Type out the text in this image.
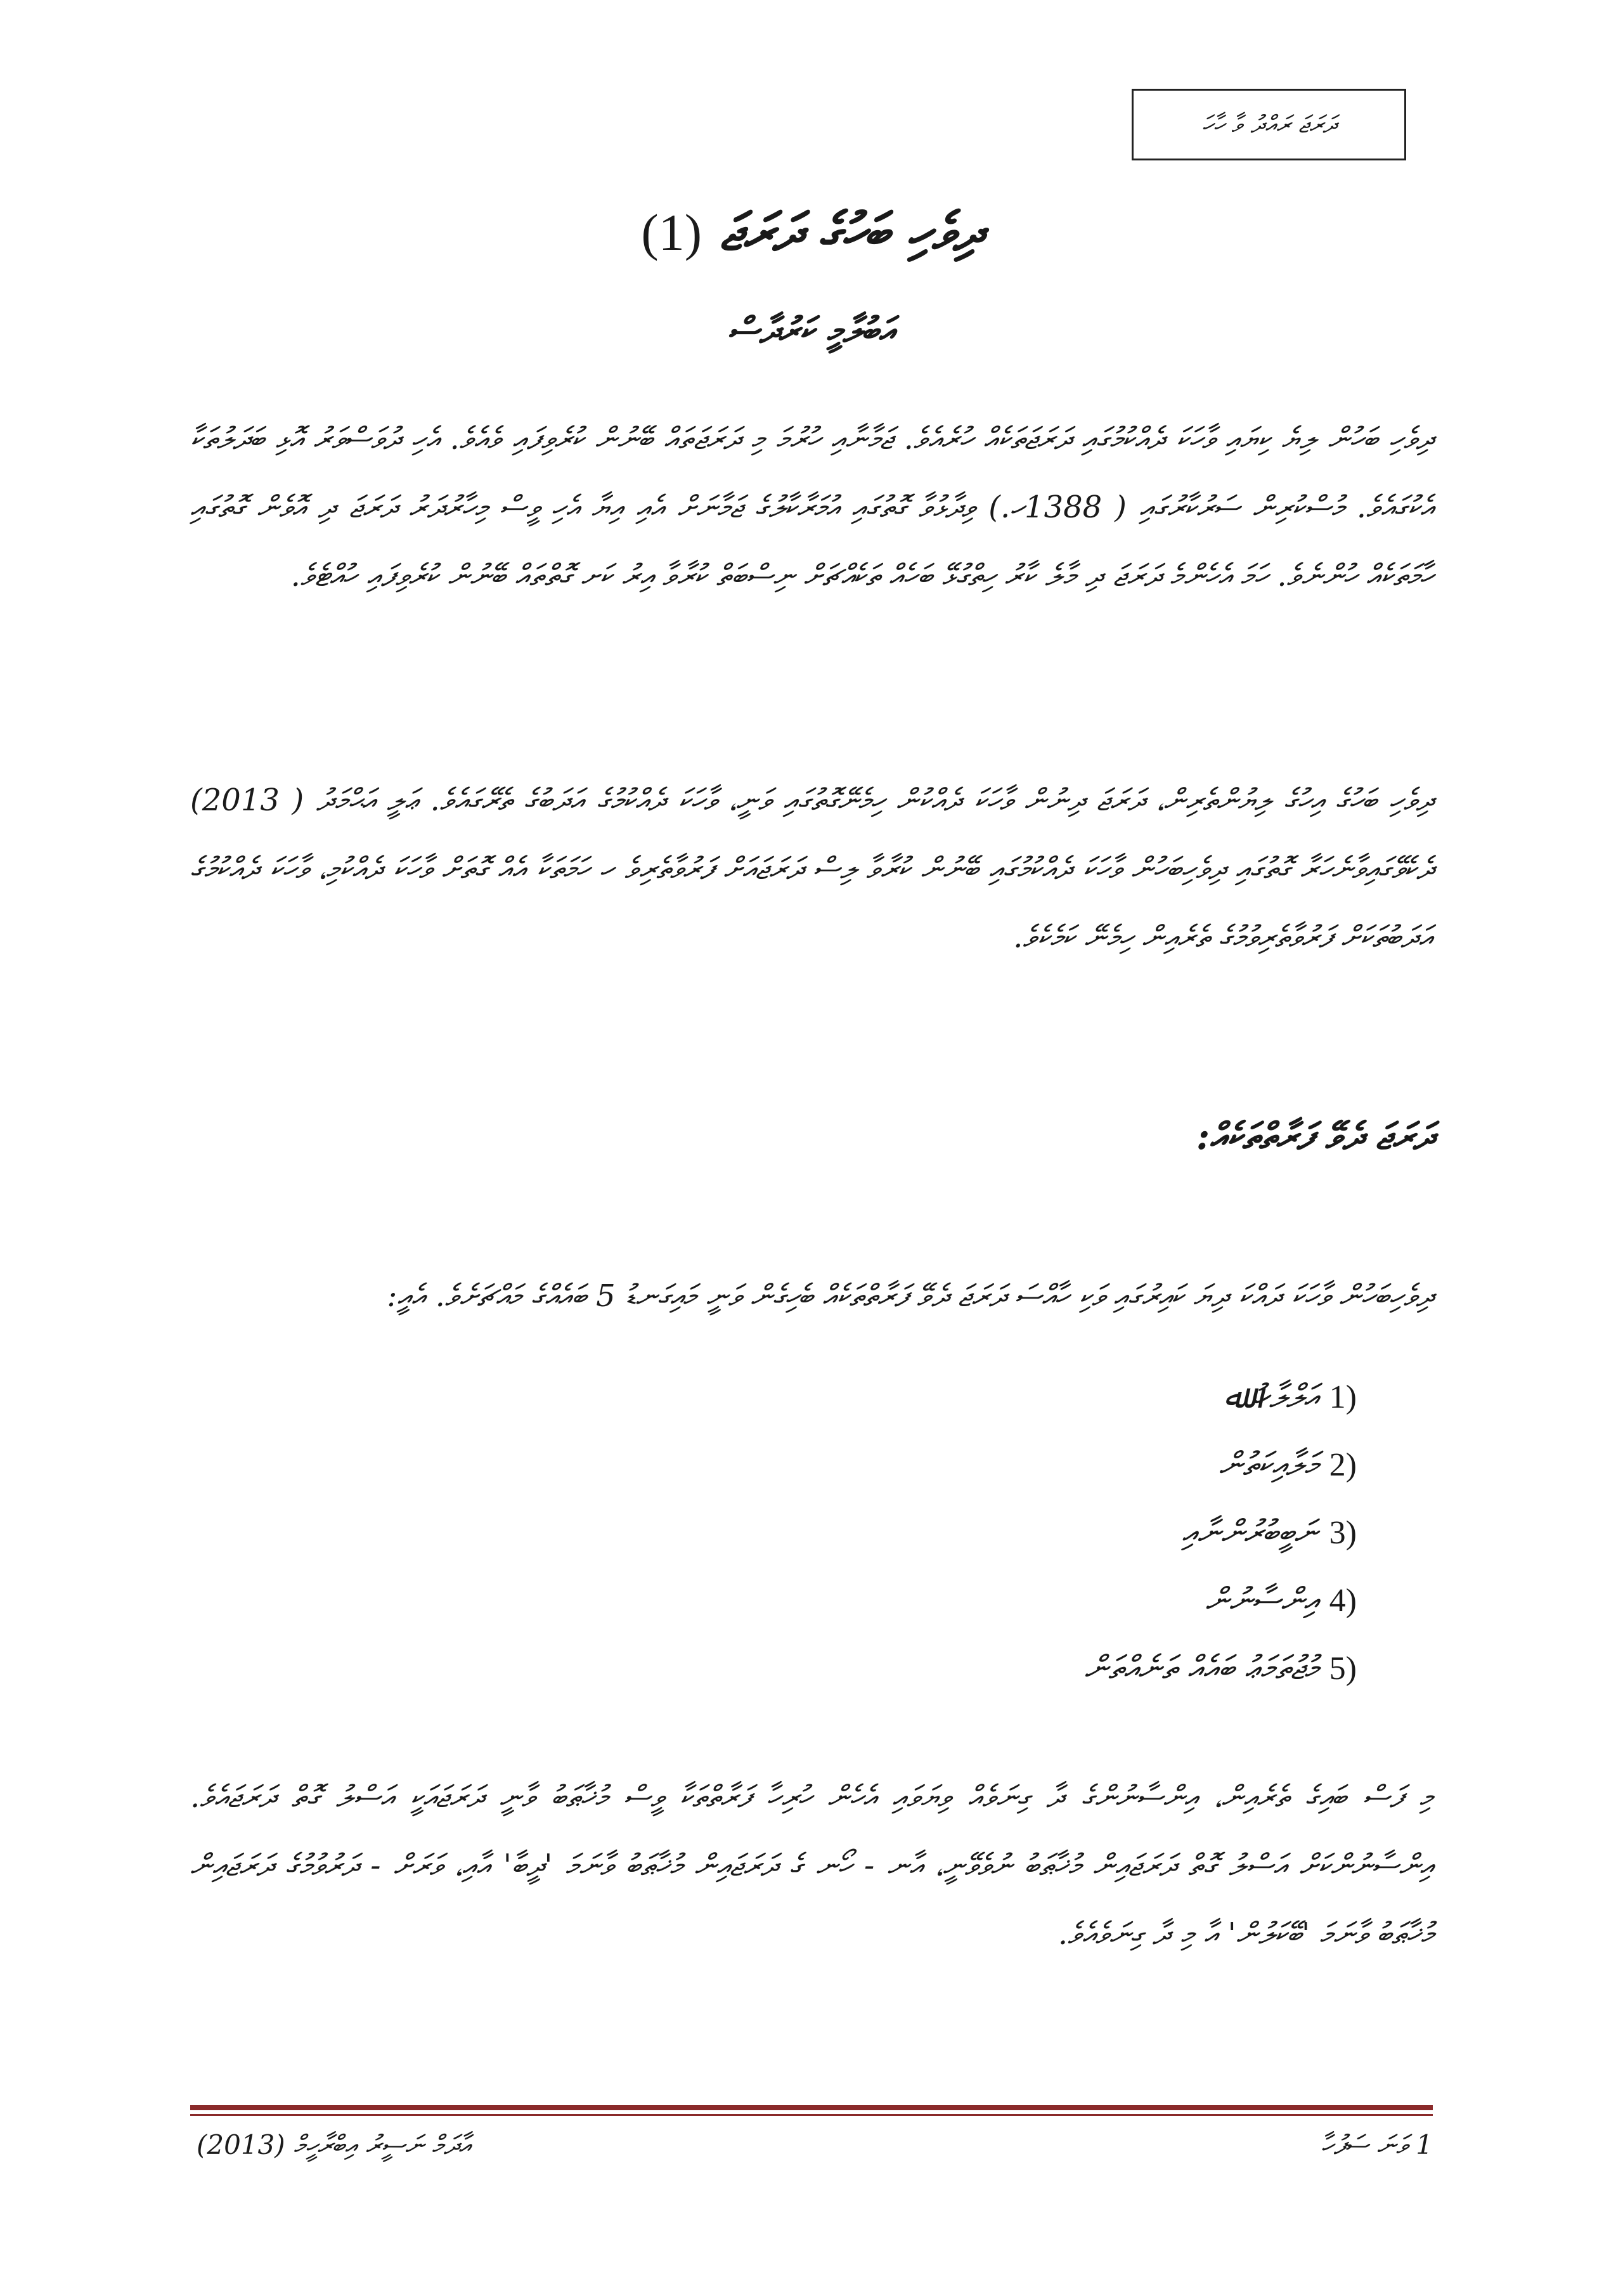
ދަރަޖަ ރައްދު ވާ ހާހަ
ދިވެހި ބަހުގެ ދަރަޖަ (1)
އަބުލާމީ ކަރުދާސް
ދިވެހި ބަހުން ލިޔެ ކިޔައި ވާހަކަ ދެއްކުމުގައި ދަރަޖަތަކެއް ހުރެއެވެ. ޖަމާނާއި ހުރުމަ މި ދަރަޖަތައް ބޭނުން ކުރެވިފައި ވެއެވެ. އެހި ދުވަސްވަރު އޮޅި ބަދަލުތަކާ އެކުގައެވެ. މުސްކުރިން ސަރުކާރުގައި ( 1388ހ.) ވިދާޅުވާ ގޮތުގައި އުމަރާކާލުގެ ޖަމާނަށް އެއި އިޔާ އެހި ވީސް މިހާރުދަރު ދަރަޖަ ދި އޮވެން ގޮތުގައި ހާމަތަކެއް ހުންނެވެ. ހަމަ އެހެންމެ ދަރަޖަ ދި މާލެ ކާރު ހިތްގުޅޭ ބަހެއް ތަކެއްޗަށް ނިސްބަތް ކުރާވާ އިރު ކަށ ގޮތްތައް ބޭނުން ކުރެވިފައި ހުއްޓެވެ.
ދިވެހި ބަހުގެ އިހުގެ ލިޔުންތެރިން، ދަރަޖަ ދިނުން ވާހަކަ ދެއްކުން ހިމެނޭގޮތުގައި ވަނީ، ވާހަކަ ދެއްކުމުގެ އަދަބުގެ ތެރޭގައެވެ. ޢަލީ އަޙްމަދު ( 2013) ދެކެވޭގައިވާނެހަރާ ގޮތުގައި ދިވެހިބަހުން ވާހަކަ ދެއްކުމުގައި ބޭނުން ކުރާވާ ލިސް ދަރަޖައަށް ފަރުވާތެރިވެ ހ ހަމަތަކާ އެއް ގޮތަށް ވާހަކަ ދެއްކުމި، ވާހަކަ ދެއްކުމުގެ އަދަބުތަކަށް ފަރުވާތެރިވުމުގެ ތެރެއިން ހިމެނޭ ކަމެކެވެ.
ދަރަޖަ ދެވޭ ފަރާތްތަކެއް:
ދިވެހިބަހުން ވާހަކަ ދައްކަ ދިޔަ ކައިރުގައި ވަކި ހާއްސަ ދަރަޖަ ދެވޭ ފަރާތްތަކެއް ބެހިގެން ވަނީ މައިގަނޑު 5 ބައެއްގެ މައްޗަށެވެ. އެއީ:
1)
އަލްލާހު ﷲ
2)
މަލާއިކަތުން
3)
ނަބީބުރުންނާއި
4)
އިންސާނުން
5)
މުޖުތަމަޢު ބައެއް ތަނެއްތަން
މި ފަސް ބައިގެ ތެރެއިން، އިންސާނުންގެ ދާ ގިނަވެއް ވިޔަވައި އެހެން ހުރިހާ ފަރާތްތަކާ ވީސް މުޚާޠަބު ވާނީ ދަރަޖައަކީ އަސްލު ގޮތް ދަރަޖައެވެ. އިންސާނުންކަށް އަސްލު ގޮތް ދަރަޖައިން މުޚާޠަބު ނުވެވޭނީ، އާނ - ހޯނ ގެ ދަރަޖައިން މުޚާޠަބު ވާނަމަ 'ދީބާ' އާއި، ވަރަށް - ދަރުވުމުގެ ދަރަޖައިން މުޚާޠަބު ވާނަމަ 'ބޭކަލުން' އާ މި ދާ ގިނަވެއެވެ.
އާދަމް ނަސީރު އިބްރާހީމް (2013)	1 ވަނަ ސަފުހާ
